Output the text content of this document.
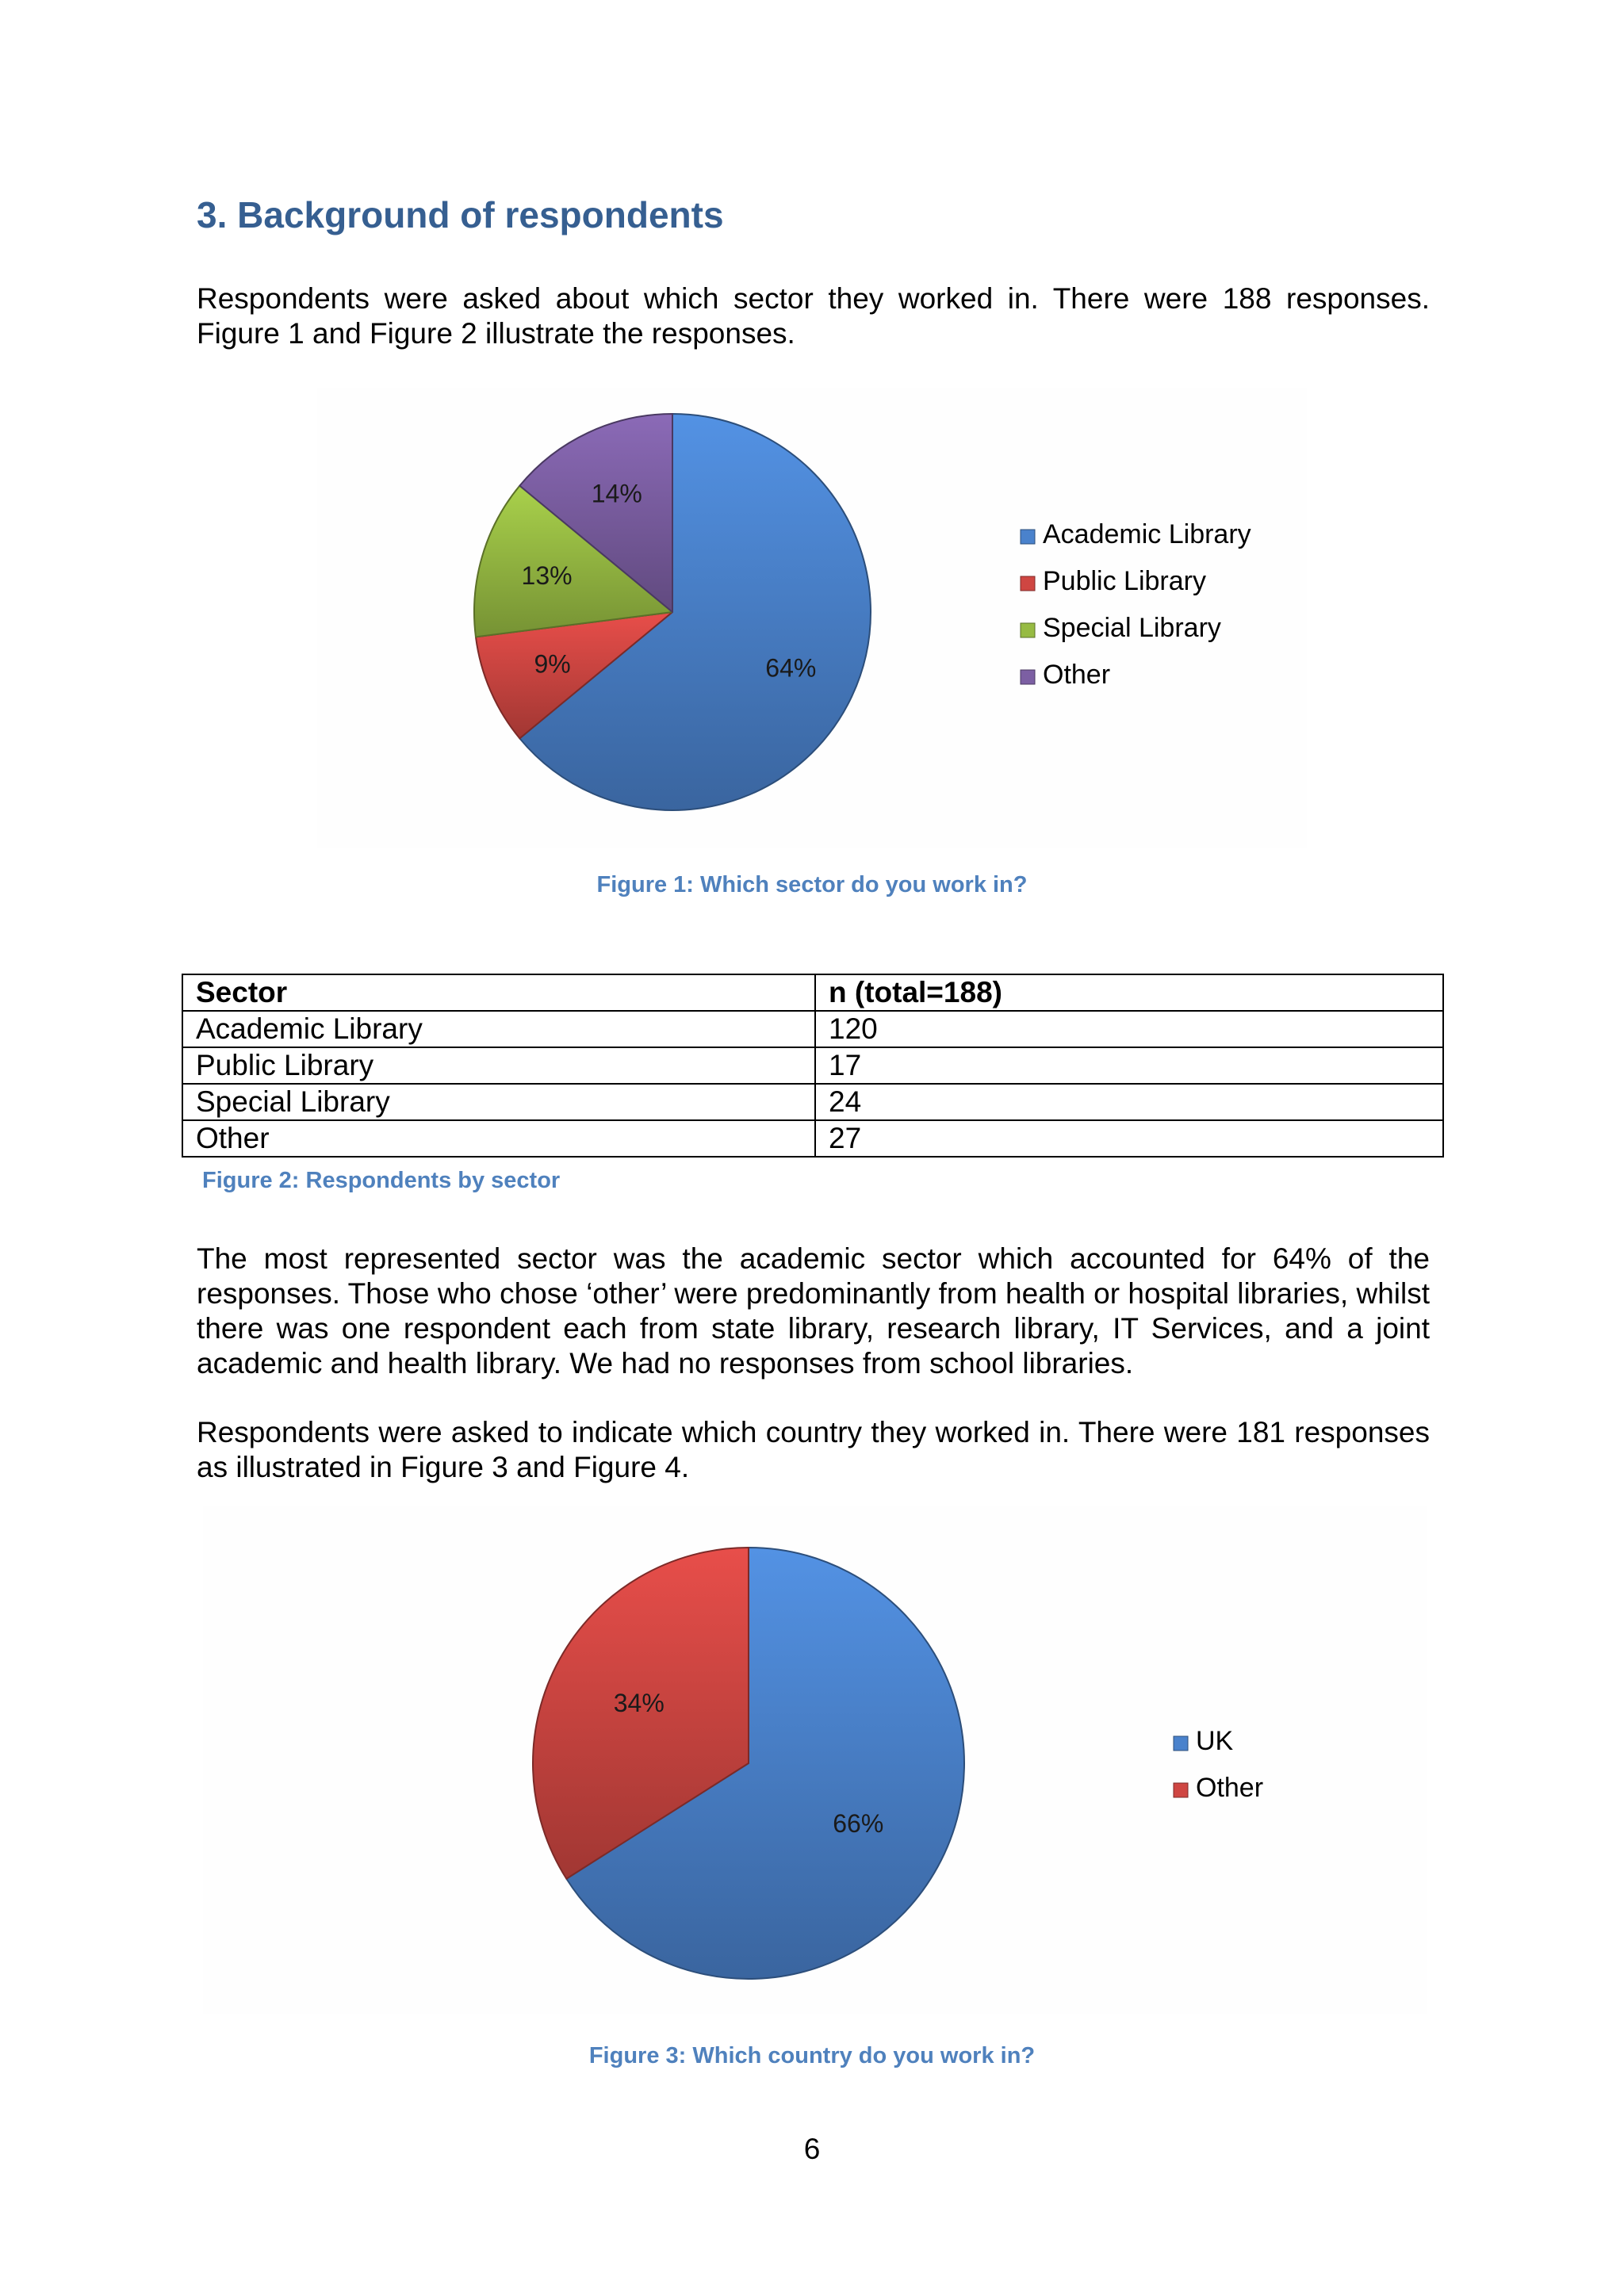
3. Background of respondents

Respondents were asked about which sector they worked in. There were 188 responses. Figure 1 and Figure 2 illustrate the responses.

64%
9%
13%
14%
Academic Library
Public Library
Special Library
Other

Figure 1: Which sector do you work in?

Sector	n (total=188)
Academic Library	120
Public Library	17
Special Library	24
Other	27

Figure 2: Respondents by sector

The most represented sector was the academic sector which accounted for 64% of the responses. Those who chose ‘other’ were predominantly from health or hospital libraries, whilst there was one respondent each from state library, research library, IT Services, and a joint academic and health library. We had no responses from school libraries.

Respondents were asked to indicate which country they worked in. There were 181 responses as illustrated in Figure 3 and Figure 4.

66%
34%
UK
Other

Figure 3: Which country do you work in?

6
